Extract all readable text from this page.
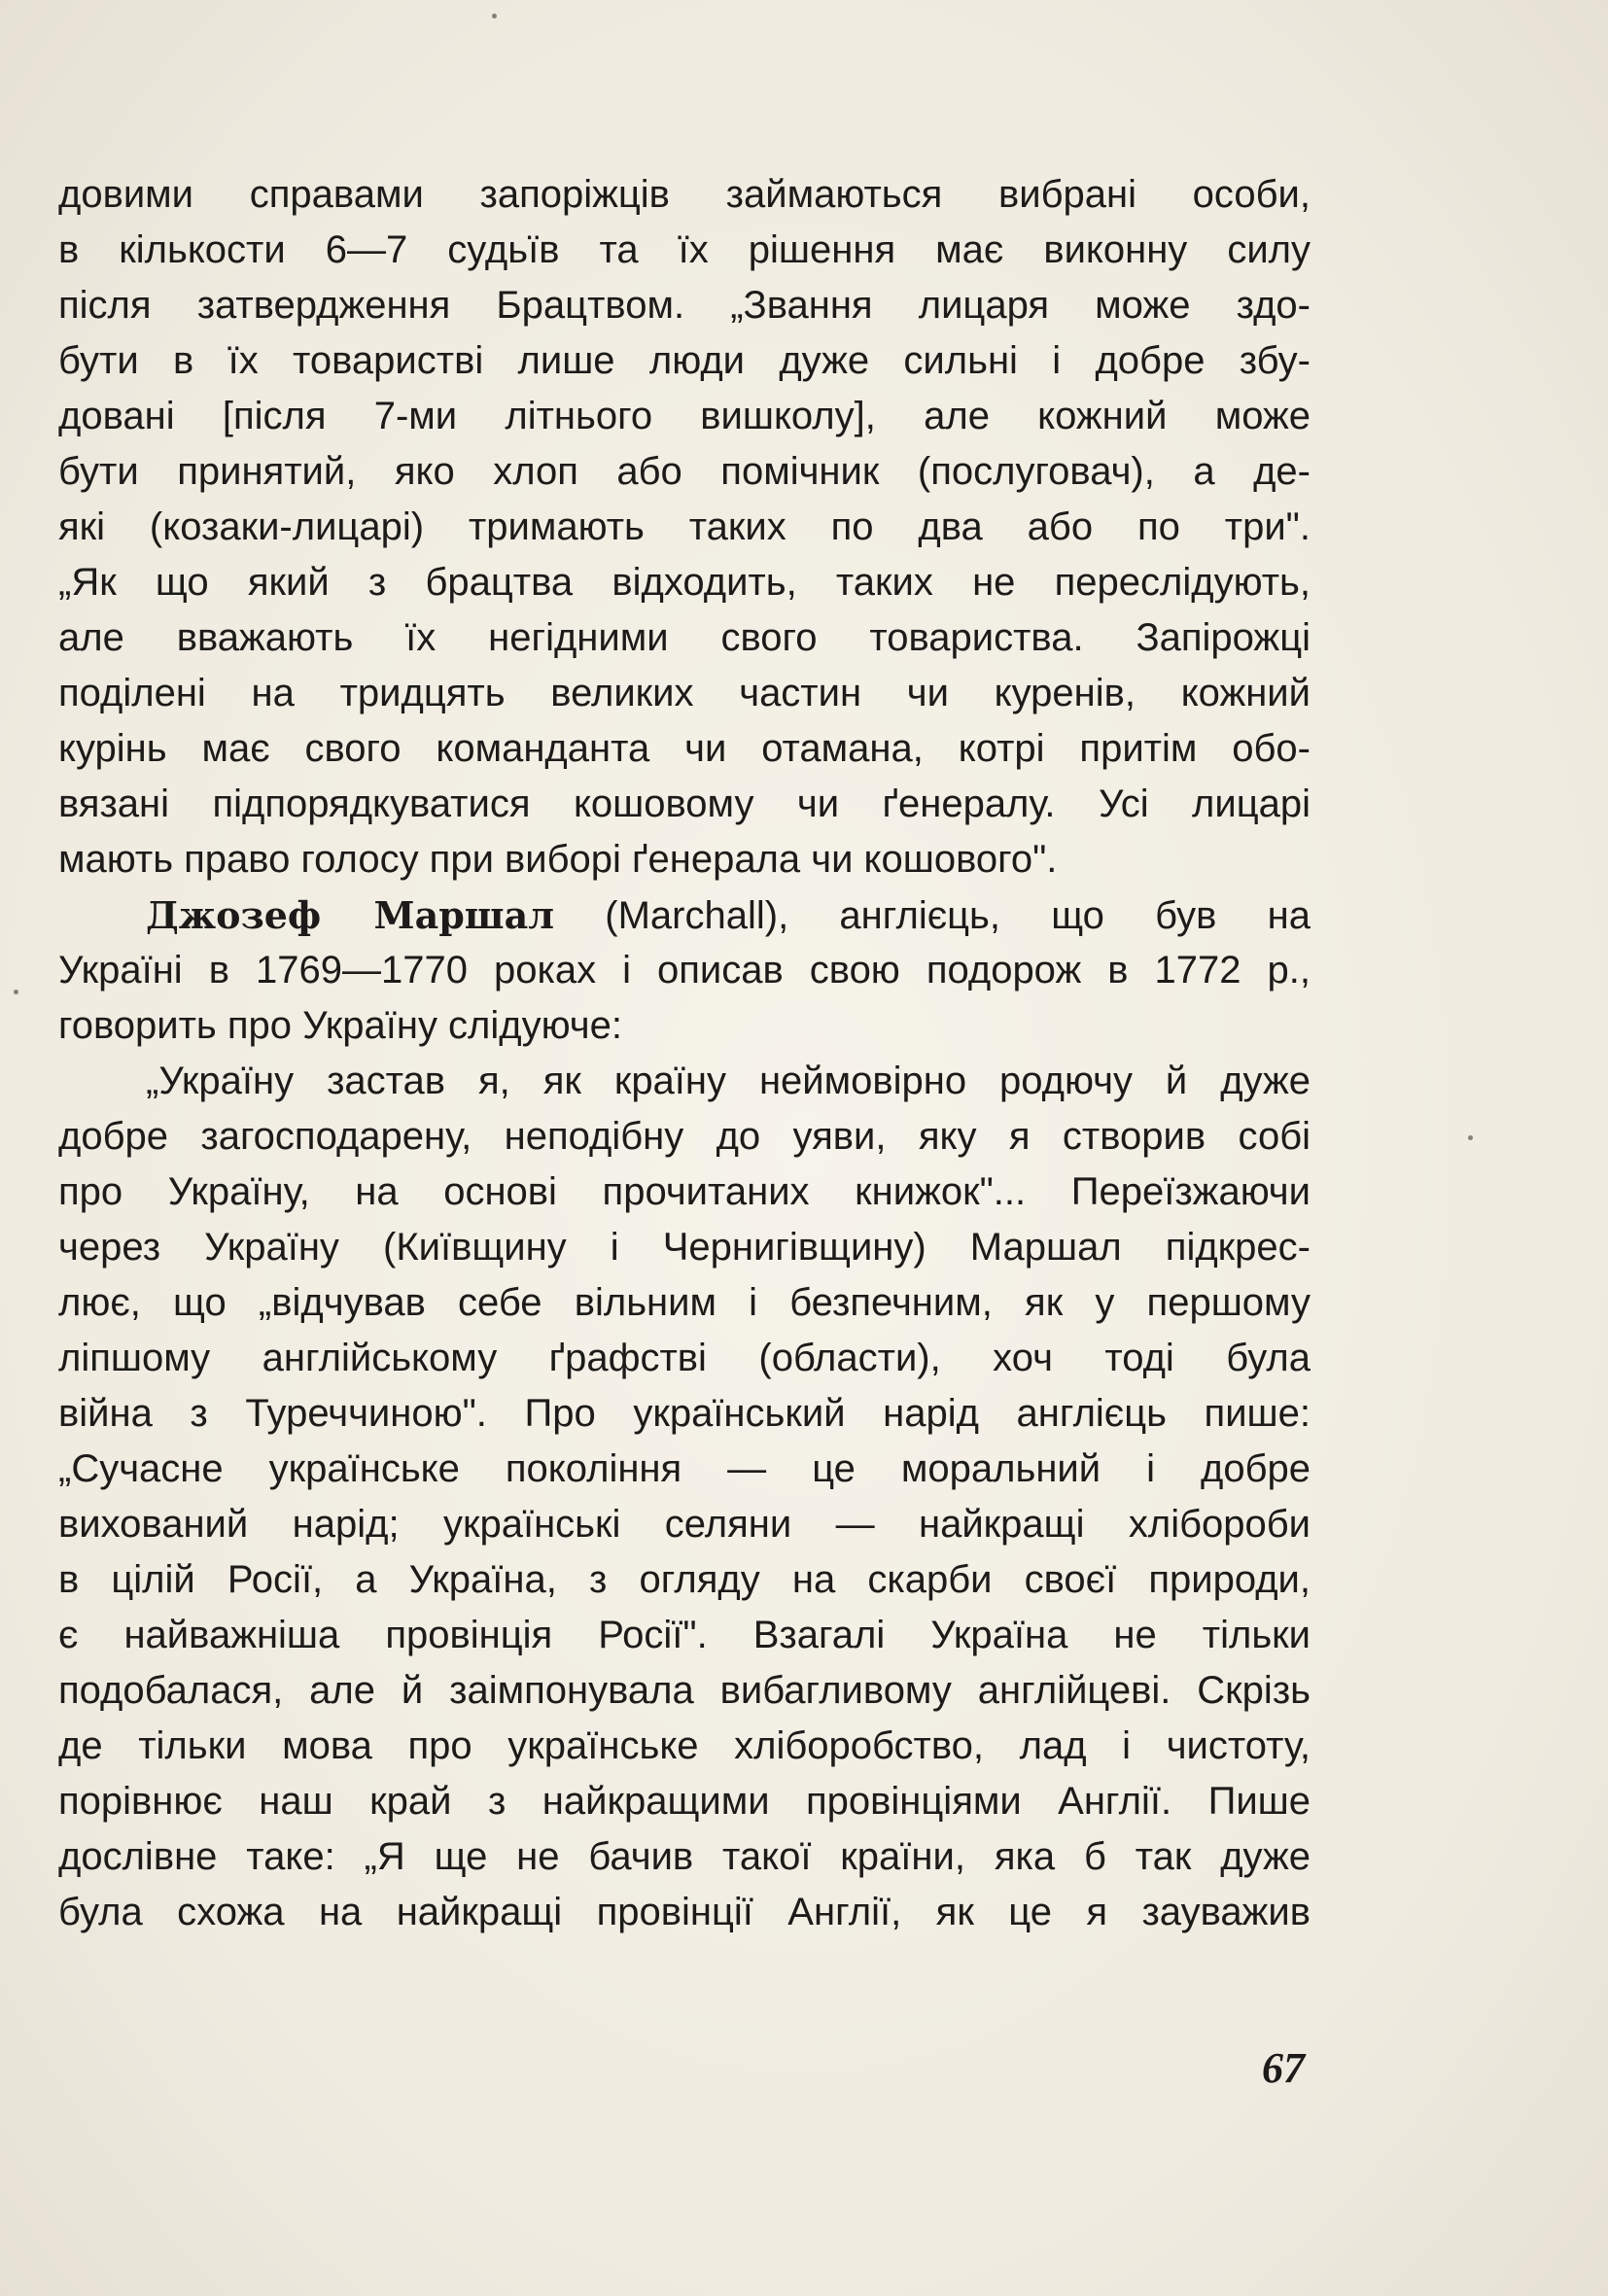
довими справами запоріжців займаються вибрані особи,
в кількости 6—7 судьїв та їх рішення має виконну силу
після затвердження Брацтвом. „Звання лицаря може здо-
бути в їх товаристві лише люди дуже сильні і добре збу-
довані [після 7-ми літнього вишколу], але кожний може
бути принятий, яко хлоп або помічник (послуговач), а де-
які (козаки-лицарі) тримають таких по два або по три".
„Як що який з брацтва відходить, таких не переслідують,
але вважають їх негідними свого товариства. Запірожці
поділені на тридцять великих частин чи куренів, кожний
курінь має свого команданта чи отамана, котрі притім обо-
вязані підпорядкуватися кошовому чи ґенералу. Усі лицарі
мають право голосу при виборі ґенерала чи кошового".
Джозеф Маршал (Marchall), англієць, що був на
Україні в 1769—1770 роках і описав свою подорож в 1772 р.,
говорить про Україну слідуюче:
„Україну застав я, як країну неймовірно родючу й дуже
добре загосподарену, неподібну до уяви, яку я створив собі
про Україну, на основі прочитаних книжок"... Переїзжаючи
через Україну (Київщину і Чернигівщину) Маршал підкрес-
лює, що „відчував себе вільним і безпечним, як у першому
ліпшому англійському ґрафстві (области), хоч тоді була
війна з Туреччиною". Про український нарід англієць пише:
„Сучасне українське покоління — це моральний і добре
вихований нарід; українські селяни — найкращі хлібороби
в цілій Росії, а Україна, з огляду на скарби своєї природи,
є найважніша провінція Росії". Взагалі Україна не тільки
подобалася, але й заімпонувала вибагливому англійцеві. Скрізь
де тільки мова про українське хліборобство, лад і чистоту,
порівнює наш край з найкращими провінціями Англії. Пише
дослівне таке: „Я ще не бачив такої країни, яка б так дуже
була схожа на найкращі провінції Англії, як це я зауважив
67
